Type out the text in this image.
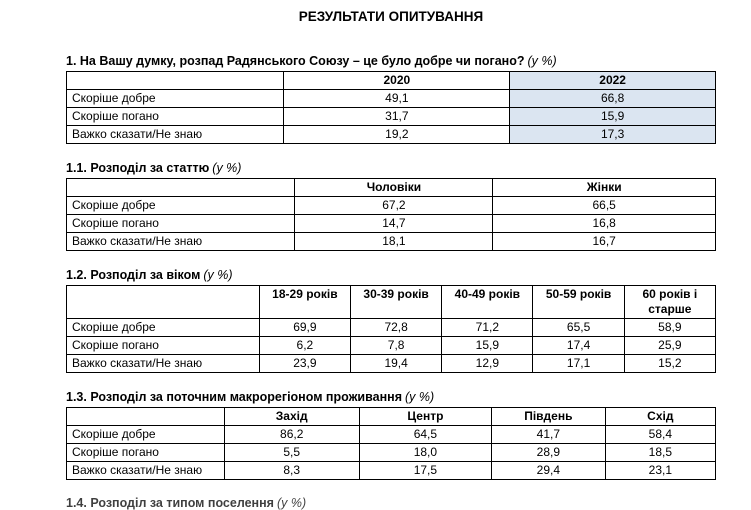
РЕЗУЛЬТАТИ ОПИТУВАННЯ
1. На Вашу думку, розпад Радянського Союзу – це було добре чи погано? (у %)
	2020	2022
Скоріше добре	49,1	66,8
Скоріше погано	31,7	15,9
Важко сказати/Не знаю	19,2	17,3
1.1. Розподіл за статтю (у %)
	Чоловіки	Жінки
Скоріше добре	67,2	66,5
Скоріше погано	14,7	16,8
Важко сказати/Не знаю	18,1	16,7
1.2. Розподіл за віком (у %)
	18-29 років	30-39 років	40-49 років	50-59 років	60 років і старше
Скоріше добре	69,9	72,8	71,2	65,5	58,9
Скоріше погано	6,2	7,8	15,9	17,4	25,9
Важко сказати/Не знаю	23,9	19,4	12,9	17,1	15,2
1.3. Розподіл за поточним макрорегіоном проживання (у %)
	Захід	Центр	Південь	Схід
Скоріше добре	86,2	64,5	41,7	58,4
Скоріше погано	5,5	18,0	28,9	18,5
Важко сказати/Не знаю	8,3	17,5	29,4	23,1
1.4. Розподіл за типом поселення (у %)
